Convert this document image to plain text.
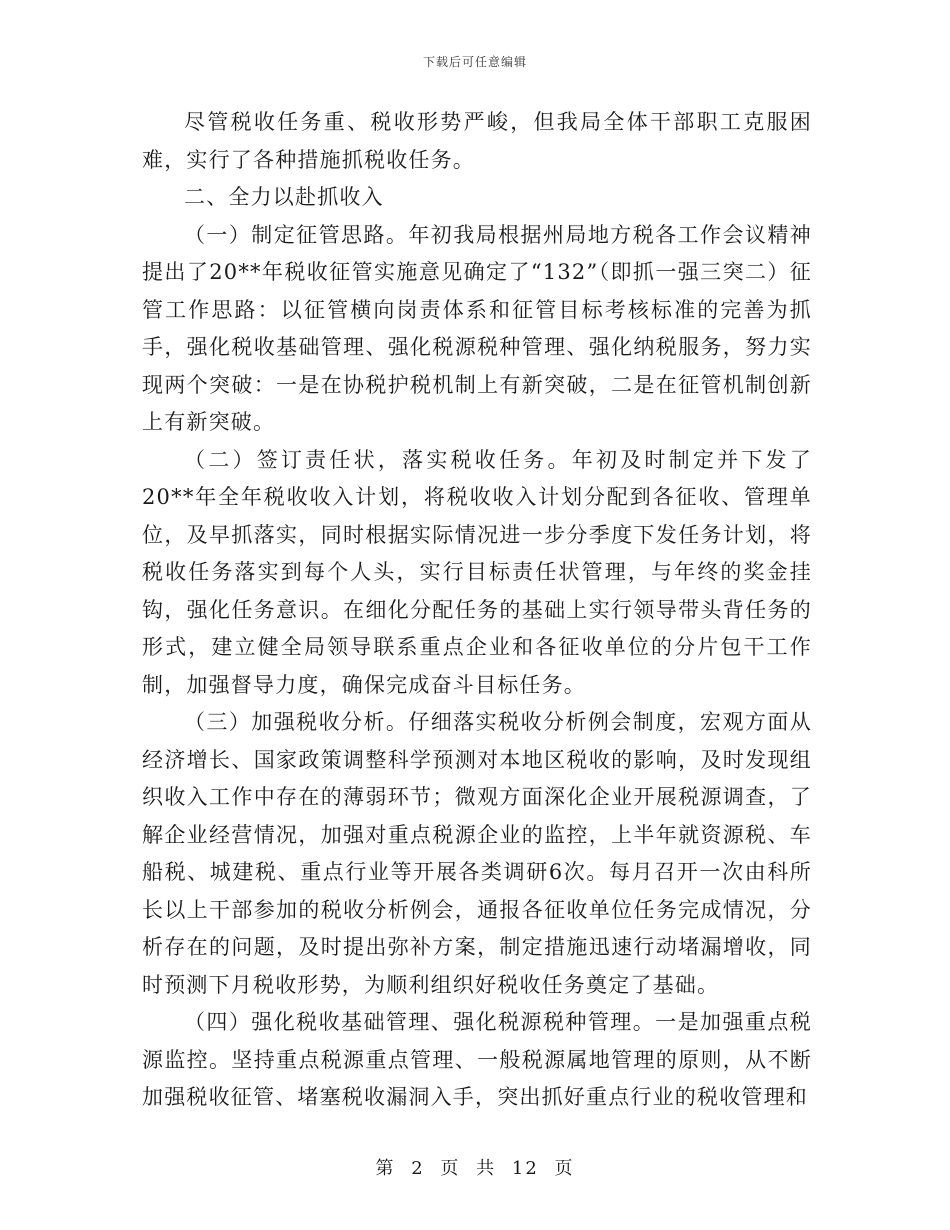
下载后可任意编辑

尽管税收任务重、税收形势严峻，但我局全体干部职工克服困难，实行了各种措施抓税收任务。

二、全力以赴抓收入

（一）制定征管思路。年初我局根据州局地方税各工作会议精神提出了20**年税收征管实施意见确定了“132”（即抓一强三突二）征管工作思路：以征管横向岗责体系和征管目标考核标准的完善为抓手，强化税收基础管理、强化税源税种管理、强化纳税服务，努力实现两个突破：一是在协税护税机制上有新突破，二是在征管机制创新上有新突破。

（二）签订责任状，落实税收任务。年初及时制定并下发了20**年全年税收收入计划，将税收收入计划分配到各征收、管理单位，及早抓落实，同时根据实际情况进一步分季度下发任务计划，将税收任务落实到每个人头，实行目标责任状管理，与年终的奖金挂钩，强化任务意识。在细化分配任务的基础上实行领导带头背任务的形式，建立健全局领导联系重点企业和各征收单位的分片包干工作制，加强督导力度，确保完成奋斗目标任务。

（三）加强税收分析。仔细落实税收分析例会制度，宏观方面从经济增长、国家政策调整科学预测对本地区税收的影响，及时发现组织收入工作中存在的薄弱环节；微观方面深化企业开展税源调查，了解企业经营情况，加强对重点税源企业的监控，上半年就资源税、车船税、城建税、重点行业等开展各类调研6次。每月召开一次由科所长以上干部参加的税收分析例会，通报各征收单位任务完成情况，分析存在的问题，及时提出弥补方案，制定措施迅速行动堵漏增收，同时预测下月税收形势，为顺利组织好税收任务奠定了基础。

（四）强化税收基础管理、强化税源税种管理。一是加强重点税源监控。坚持重点税源重点管理、一般税源属地管理的原则，从不断加强税收征管、堵塞税收漏洞入手，突出抓好重点行业的税收管理和

第 2 页 共 12 页
